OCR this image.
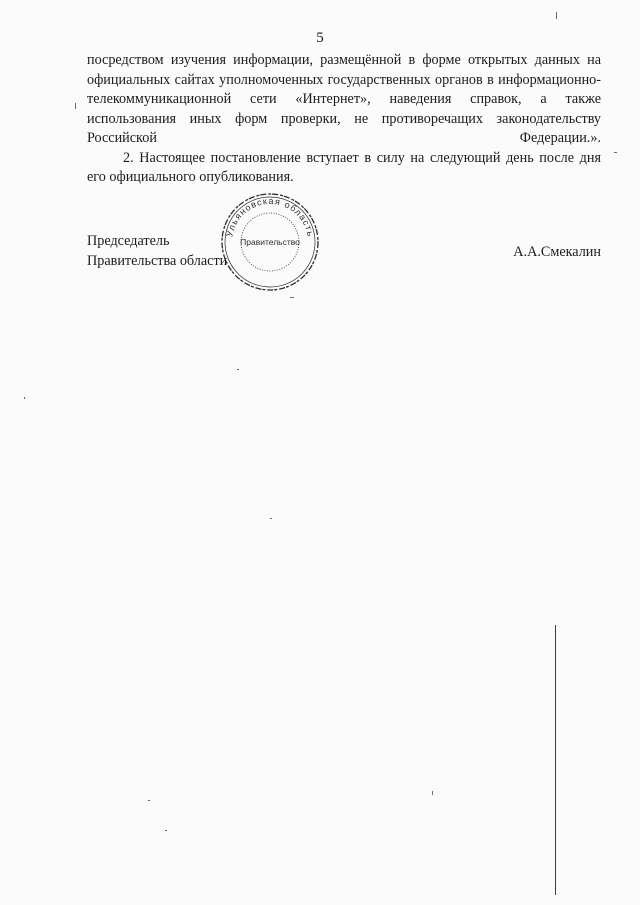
5

посредством изучения информации, размещённой в форме открытых данных на официальных сайтах уполномоченных государственных органов в информационно-телекоммуникационной сети «Интернет», наведения справок, а также использования иных форм проверки, не противоречащих законодательству Российской Федерации.».

2. Настоящее постановление вступает в силу на следующий день после дня его официального опубликования.

Председатель
Правительства области
А.А.Смекалин
Ульяновская область
Правительство
